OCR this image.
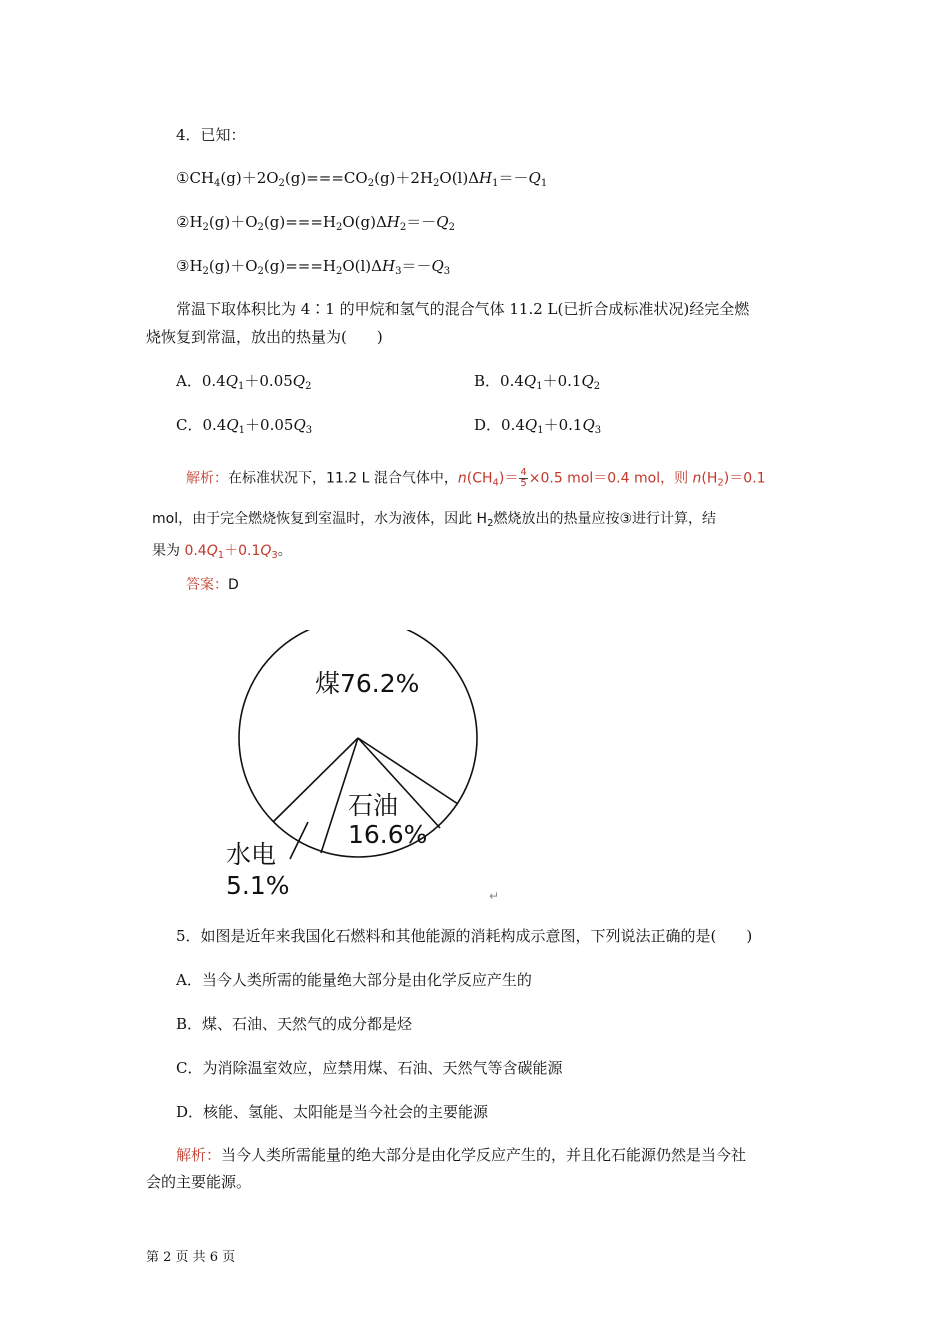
4．已知：
$①CH_4(g)+2O_2(g)===CO_2(g)+2H_2O(l)\Delta H_1=-Q_1$
$②H_2(g)+O_2(g)===H_2O(g)\Delta H_2=-Q_2$
$③H_2(g)+O_2(g)===H_2O(l)\Delta H_3=-Q_3$
常温下取体积比为 4∶1 的甲烷和氢气的混合气体 11.2 L(已折合成标准状况)经完全燃
烧恢复到常温，放出的热量为(　　)
A．$0.4Q_1+0.05Q_2$	B．$0.4Q_1+0.1Q_2$
C．$0.4Q_1+0.05Q_3$	D．$0.4Q_1+0.1Q_3$
解析：在标准状况下，11.2 L 混合气体中，$n(CH_4)= \frac{4}{5} \times 0.5$ mol＝0.4 mol，则 $n(H_2)=0.1$
mol，由于完全燃烧恢复到室温时，水为液体，因此 $H_2$燃烧放出的热量应按③进行计算，结
果为 $0.4Q_1+0.1Q_3$。
答案：D
煤76.2%
石油
16.6%
水电
5.1%	↵
5．如图是近年来我国化石燃料和其他能源的消耗构成示意图，下列说法正确的是(　　)
A．当今人类所需的能量绝大部分是由化学反应产生的
B．煤、石油、天然气的成分都是烃
C．为消除温室效应，应禁用煤、石油、天然气等含碳能源
D．核能、氢能、太阳能是当今社会的主要能源
解析：当今人类所需能量的绝大部分是由化学反应产生的，并且化石能源仍然是当今社
会的主要能源。
第 2 页 共 6 页
